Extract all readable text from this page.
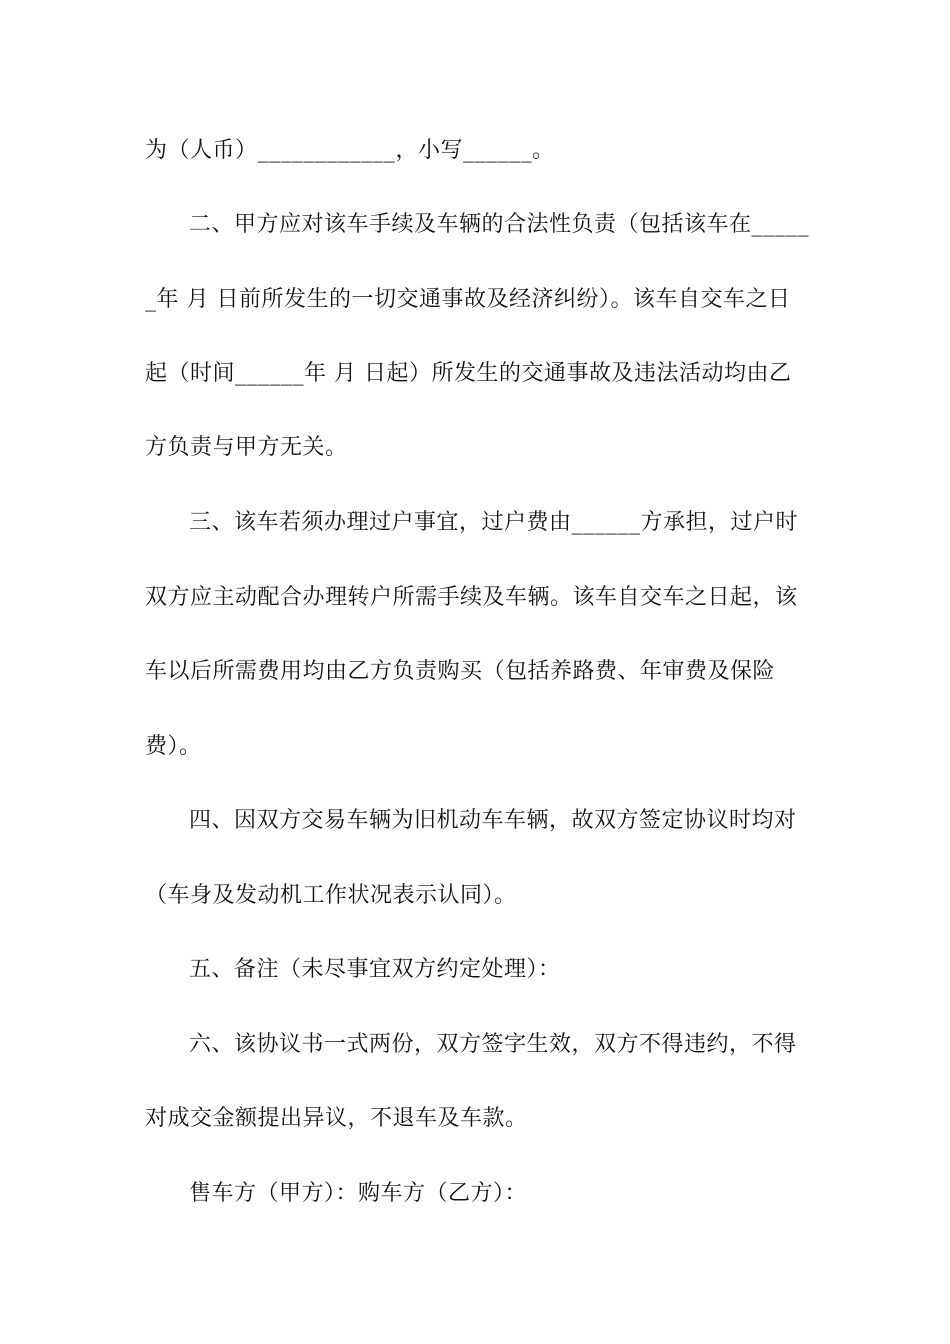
为（人币）____________，小写______。
二、甲方应对该车手续及车辆的合法性负责（包括该车在_____
_年 月 日前所发生的一切交通事故及经济纠纷）。该车自交车之日
起（时间______年 月 日起）所发生的交通事故及违法活动均由乙
方负责与甲方无关。
三、该车若须办理过户事宜，过户费由______方承担，过户时
双方应主动配合办理转户所需手续及车辆。该车自交车之日起，该
车以后所需费用均由乙方负责购买（包括养路费、年审费及保险
费）。
四、因双方交易车辆为旧机动车车辆，故双方签定协议时均对
（车身及发动机工作状况表示认同）。
五、备注（未尽事宜双方约定处理）：
六、该协议书一式两份，双方签字生效，双方不得违约，不得
对成交金额提出异议，不退车及车款。
售车方（甲方）：购车方（乙方）：
